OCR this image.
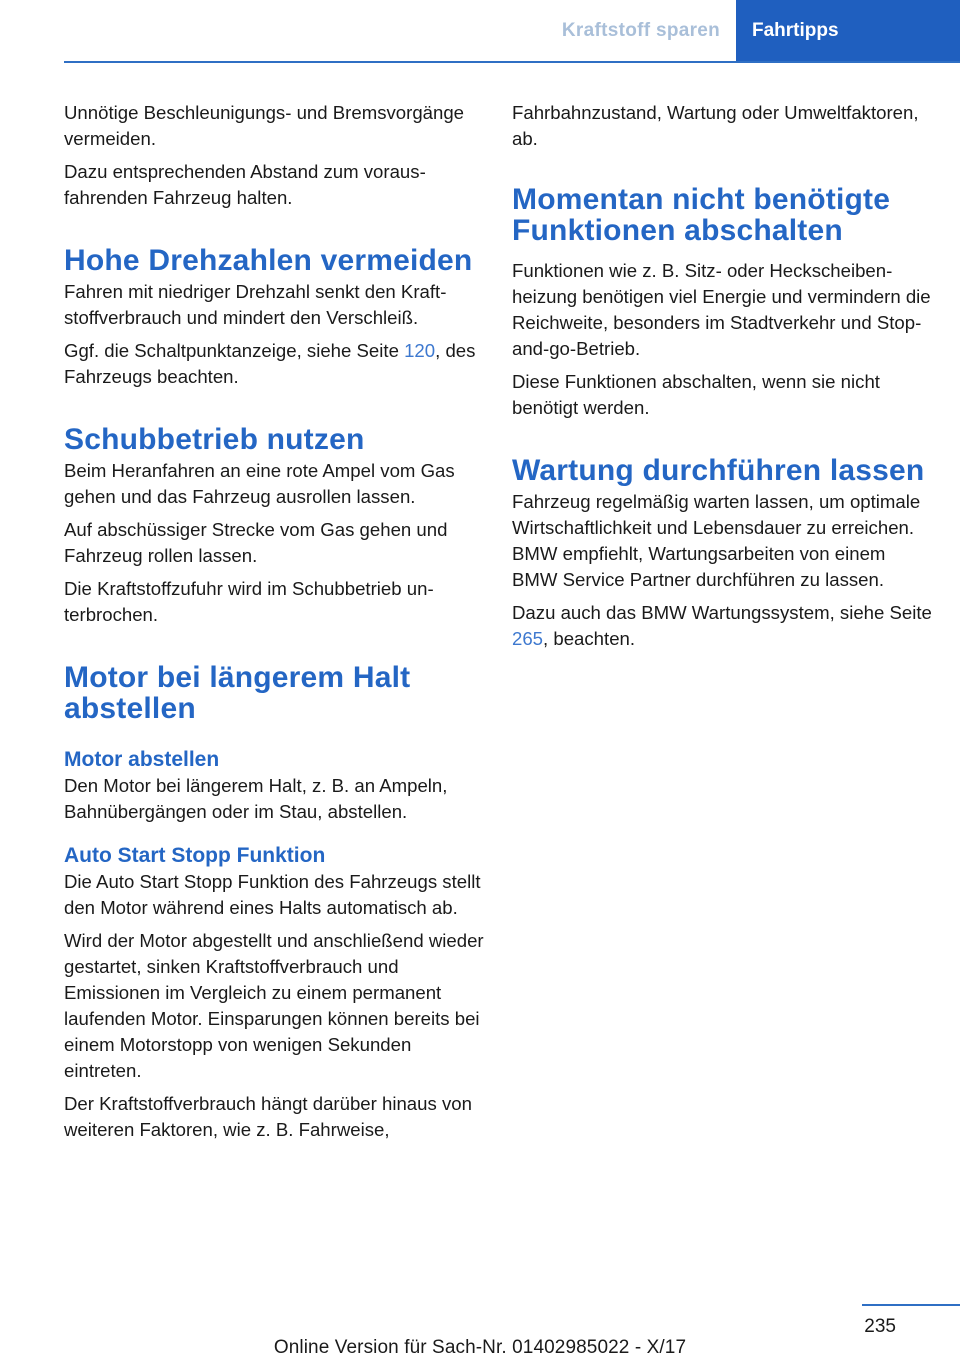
Kraftstoff sparen	Fahrtipps

Unnötige Beschleunigungs- und Bremsvorgänge vermeiden.

Dazu entsprechenden Abstand zum vorausfahrenden Fahrzeug halten.

Hohe Drehzahlen vermeiden

Fahren mit niedriger Drehzahl senkt den Kraftstoffverbrauch und mindert den Verschleiß.

Ggf. die Schaltpunktanzeige, siehe Seite 120, des Fahrzeugs beachten.

Schubbetrieb nutzen

Beim Heranfahren an eine rote Ampel vom Gas gehen und das Fahrzeug ausrollen lassen.

Auf abschüssiger Strecke vom Gas gehen und Fahrzeug rollen lassen.

Die Kraftstoffzufuhr wird im Schubbetrieb unterbrochen.

Motor bei längerem Halt abstellen
Motor abstellen

Den Motor bei längerem Halt, z. B. an Ampeln, Bahnübergängen oder im Stau, abstellen.

Auto Start Stopp Funktion

Die Auto Start Stopp Funktion des Fahrzeugs stellt den Motor während eines Halts automatisch ab.

Wird der Motor abgestellt und anschließend wieder gestartet, sinken Kraftstoffverbrauch und Emissionen im Vergleich zu einem permanent laufenden Motor. Einsparungen können bereits bei einem Motorstopp von wenigen Sekunden eintreten.

Der Kraftstoffverbrauch hängt darüber hinaus von weiteren Faktoren, wie z. B. Fahrweise,

Fahrbahnzustand, Wartung oder Umweltfaktoren, ab.

Momentan nicht benötigte Funktionen abschalten

Funktionen wie z. B. Sitz- oder Heckscheibenheizung benötigen viel Energie und vermindern die Reichweite, besonders im Stadtverkehr und Stop-and-go-Betrieb.

Diese Funktionen abschalten, wenn sie nicht benötigt werden.

Wartung durchführen lassen

Fahrzeug regelmäßig warten lassen, um optimale Wirtschaftlichkeit und Lebensdauer zu erreichen. BMW empfiehlt, Wartungsarbeiten von einem BMW Service Partner durchführen zu lassen.

Dazu auch das BMW Wartungssystem, siehe Seite 265, beachten.

235
Online Version für Sach-Nr. 01402985022 - X/17
